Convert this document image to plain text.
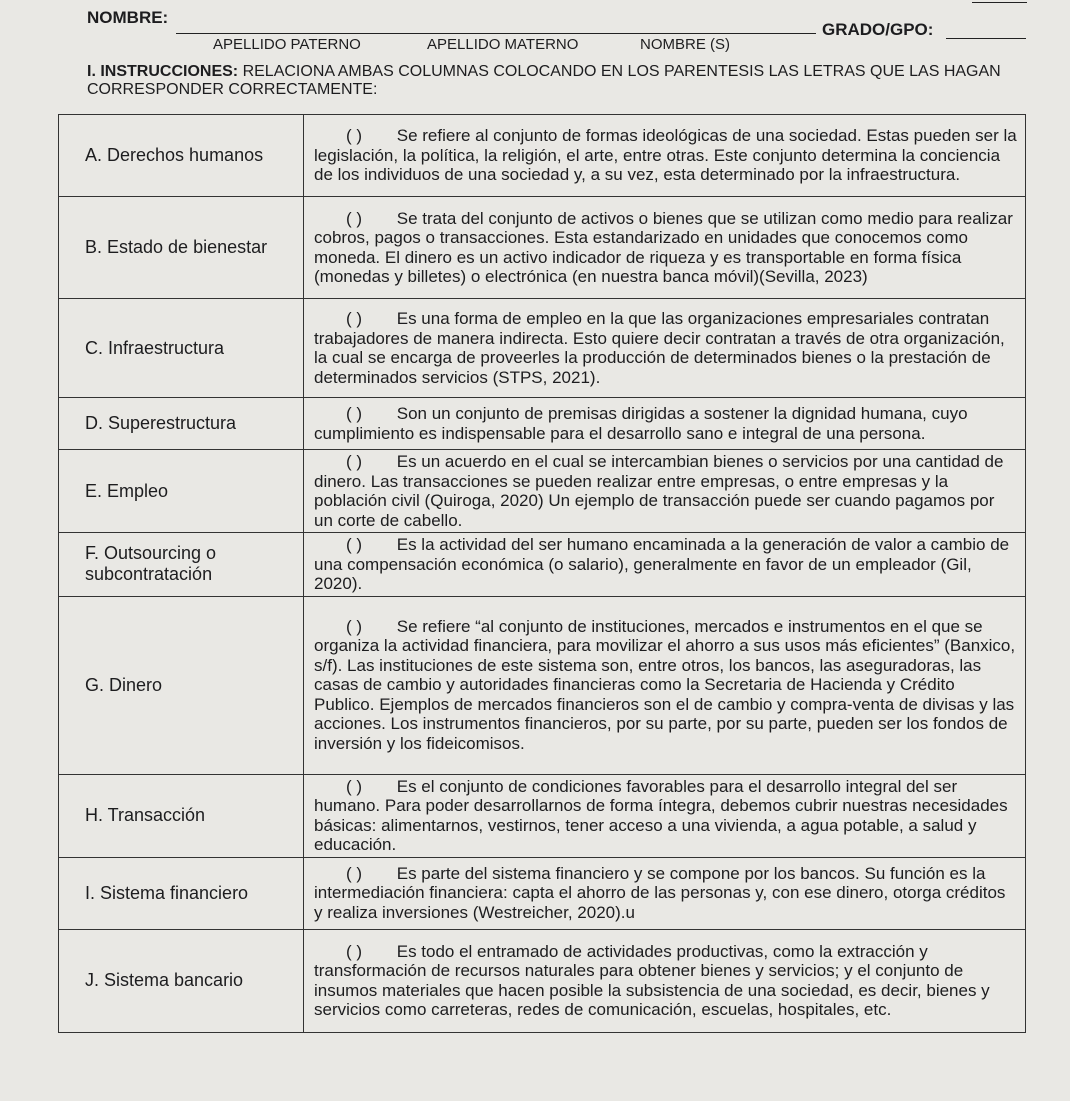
NOMBRE:
GRADO/GPO:
APELLIDO PATERNO	APELLIDO MATERNO	NOMBRE (S)
I. INSTRUCCIONES: RELACIONA AMBAS COLUMNAS COLOCANDO EN LOS PARENTESIS LAS LETRAS QUE LAS HAGAN CORRESPONDER CORRECTAMENTE:
A. Derechos humanos	( ) Se refiere al conjunto de formas ideológicas de una sociedad. Estas pueden ser la legislación, la política, la religión, el arte, entre otras. Este conjunto determina la conciencia de los individuos de una sociedad y, a su vez, esta determinado por la infraestructura.
B. Estado de bienestar	( ) Se trata del conjunto de activos o bienes que se utilizan como medio para realizar cobros, pagos o transacciones. Esta estandarizado en unidades que conocemos como moneda. El dinero es un activo indicador de riqueza y es transportable en forma física (monedas y billetes) o electrónica (en nuestra banca móvil)(Sevilla, 2023)
C. Infraestructura	( ) Es una forma de empleo en la que las organizaciones empresariales contratan trabajadores de manera indirecta. Esto quiere decir contratan a través de otra organización, la cual se encarga de proveerles la producción de determinados bienes o la prestación de determinados servicios (STPS, 2021).
D. Superestructura	( ) Son un conjunto de premisas dirigidas a sostener la dignidad humana, cuyo cumplimiento es indispensable para el desarrollo sano e integral de una persona.
E. Empleo	( ) Es un acuerdo en el cual se intercambian bienes o servicios por una cantidad de dinero. Las transacciones se pueden realizar entre empresas, o entre empresas y la población civil (Quiroga, 2020) Un ejemplo de transacción puede ser cuando pagamos por un corte de cabello.
F. Outsourcing o subcontratación	( ) Es la actividad del ser humano encaminada a la generación de valor a cambio de una compensación económica (o salario), generalmente en favor de un empleador (Gil, 2020).
G. Dinero	( ) Se refiere “al conjunto de instituciones, mercados e instrumentos en el que se organiza la actividad financiera, para movilizar el ahorro a sus usos más eficientes” (Banxico, s/f). Las instituciones de este sistema son, entre otros, los bancos, las aseguradoras, las casas de cambio y autoridades financieras como la Secretaria de Hacienda y Crédito Publico. Ejemplos de mercados financieros son el de cambio y compra-venta de divisas y las acciones. Los instrumentos financieros, por su parte, por su parte, pueden ser los fondos de inversión y los fideicomisos.
H. Transacción	( ) Es el conjunto de condiciones favorables para el desarrollo integral del ser humano. Para poder desarrollarnos de forma íntegra, debemos cubrir nuestras necesidades básicas: alimentarnos, vestirnos, tener acceso a una vivienda, a agua potable, a salud y educación.
I. Sistema financiero	( ) Es parte del sistema financiero y se compone por los bancos. Su función es la intermediación financiera: capta el ahorro de las personas y, con ese dinero, otorga créditos y realiza inversiones (Westreicher, 2020).u
J. Sistema bancario	( ) Es todo el entramado de actividades productivas, como la extracción y transformación de recursos naturales para obtener bienes y servicios; y el conjunto de insumos materiales que hacen posible la subsistencia de una sociedad, es decir, bienes y servicios como carreteras, redes de comunicación, escuelas, hospitales, etc.
